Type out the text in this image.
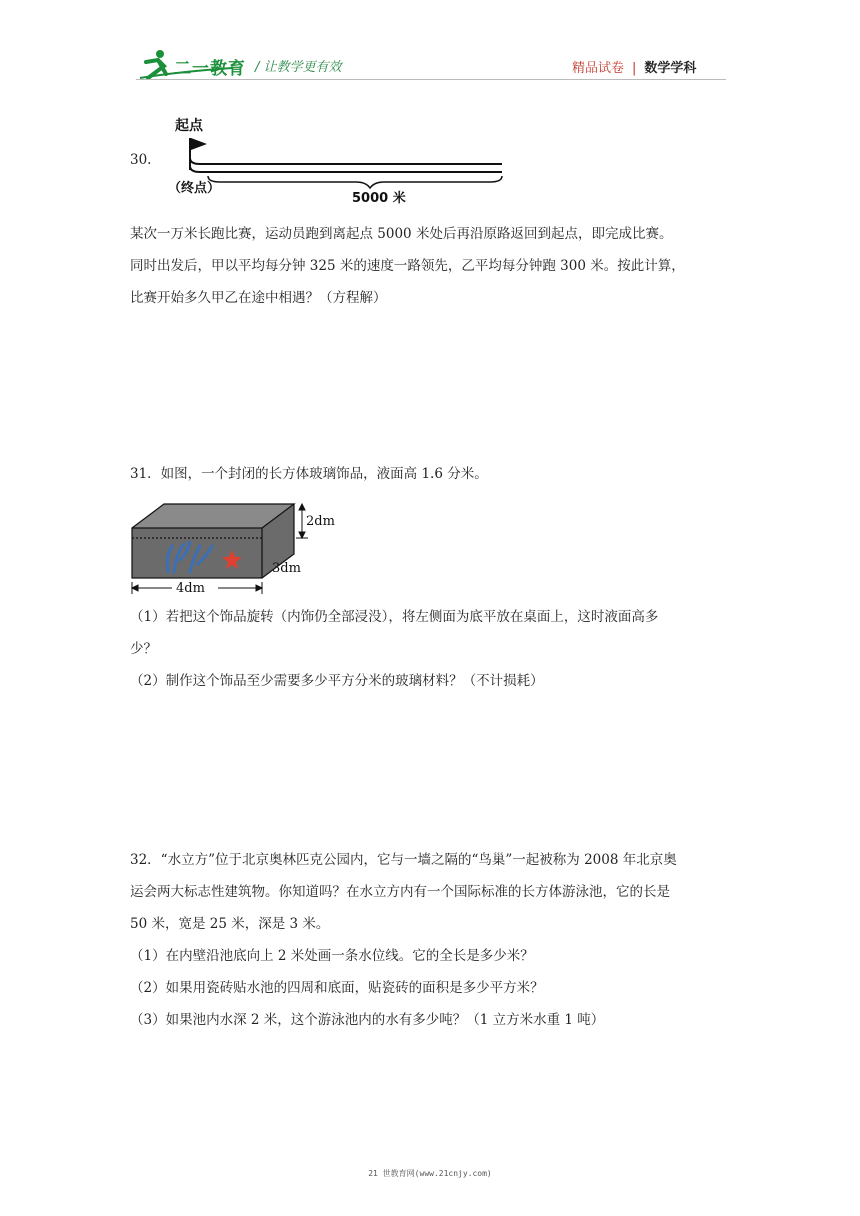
二一教育 / 让教学更有效	精品试卷 | 数学学科
30.
起点
（终点）
5000 米
某次一万米长跑比赛，运动员跑到离起点 5000 米处后再沿原路返回到起点，即完成比赛。
同时出发后，甲以平均每分钟 325 米的速度一路领先，乙平均每分钟跑 300 米。按此计算，
比赛开始多久甲乙在途中相遇？（方程解）
31．如图，一个封闭的长方体玻璃饰品，液面高 1.6 分米。
2dm
3dm
4dm
（1）若把这个饰品旋转（内饰仍全部浸没），将左侧面为底平放在桌面上，这时液面高多
少？
（2）制作这个饰品至少需要多少平方分米的玻璃材料？（不计损耗）
32．“水立方”位于北京奥林匹克公园内，它与一墙之隔的“鸟巢”一起被称为 2008 年北京奥
运会两大标志性建筑物。你知道吗？在水立方内有一个国际标准的长方体游泳池，它的长是
50 米，宽是 25 米，深是 3 米。
（1）在内壁沿池底向上 2 米处画一条水位线。它的全长是多少米？
（2）如果用瓷砖贴水池的四周和底面，贴瓷砖的面积是多少平方米？
（3）如果池内水深 2 米，这个游泳池内的水有多少吨？（1 立方米水重 1 吨）
21 世教育网(www.21cnjy.com)
